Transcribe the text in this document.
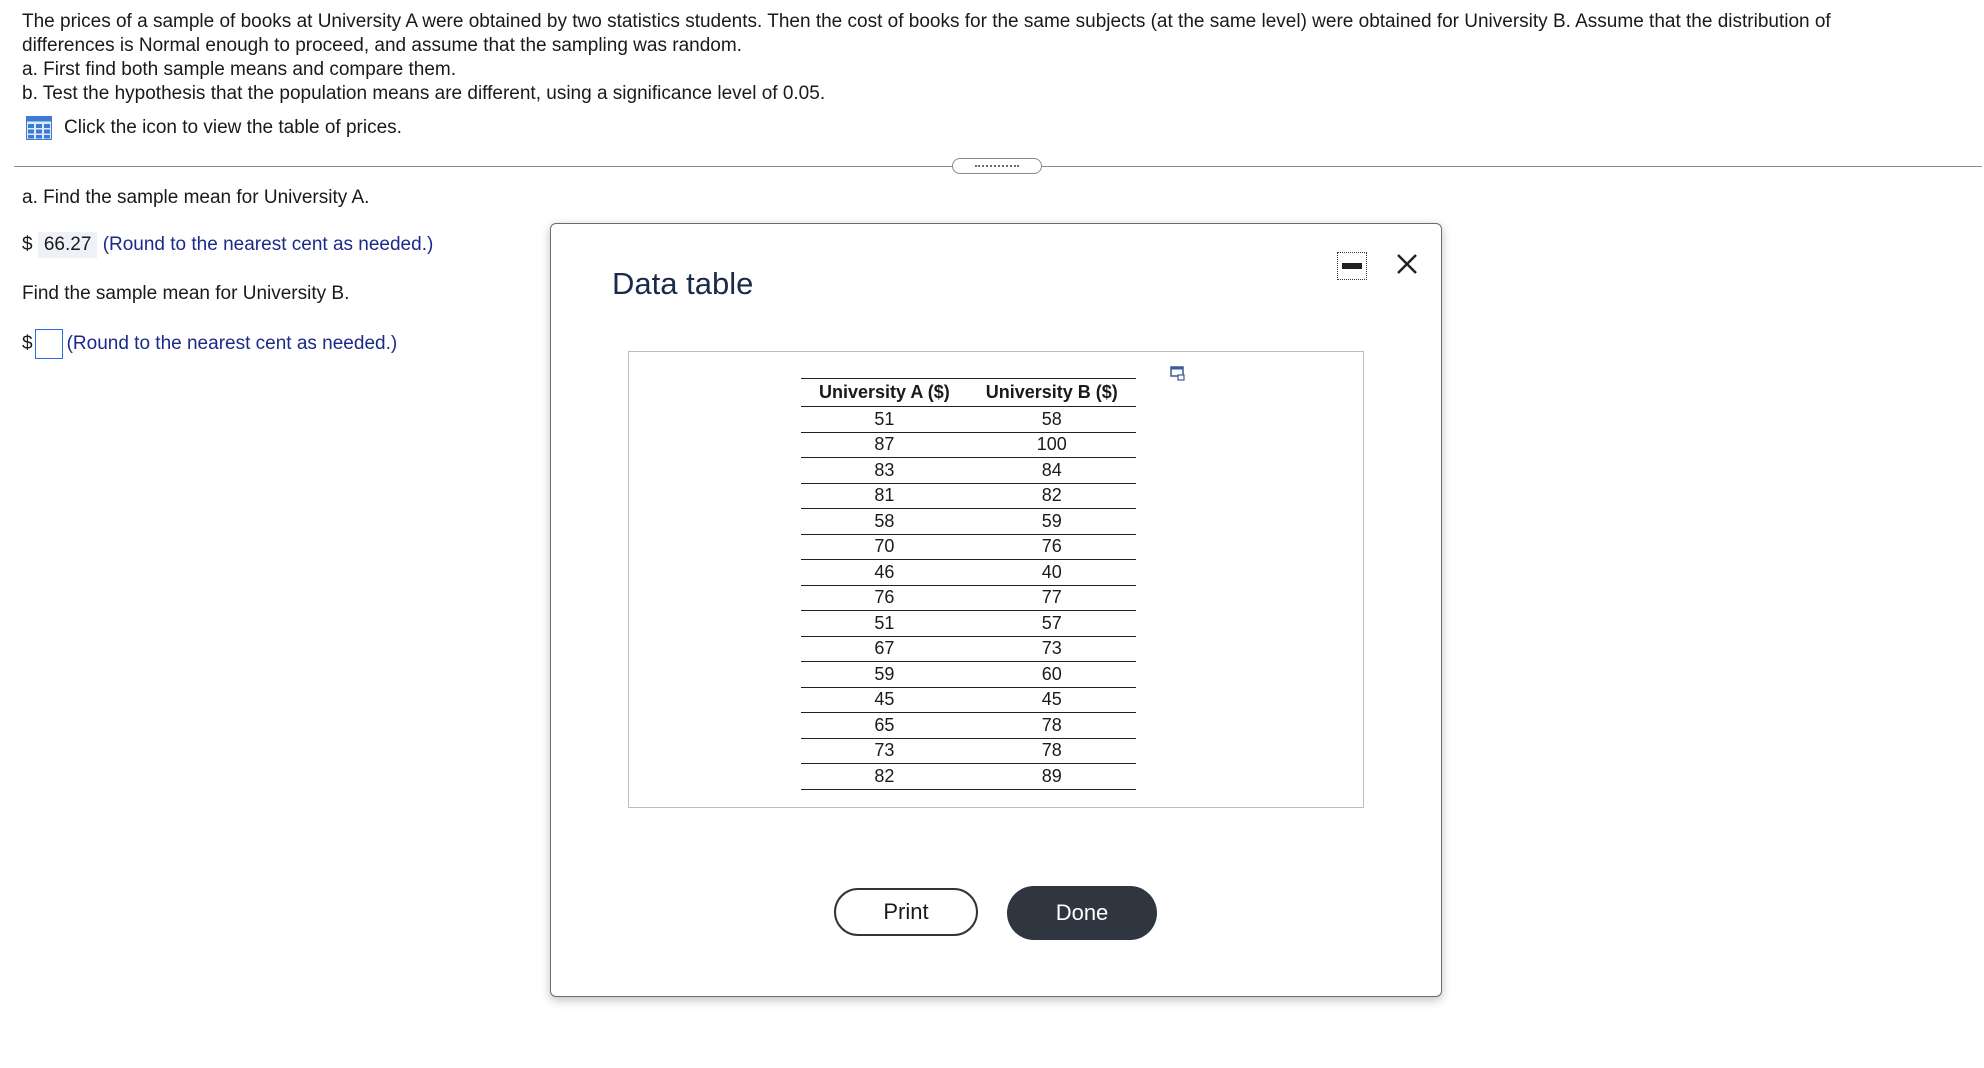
The prices of a sample of books at University A were obtained by two statistics students. Then the cost of books for the same subjects (at the same level) were obtained for University B. Assume that the distribution of

differences is Normal enough to proceed, and assume that the sampling was random.

a. First find both sample means and compare them.

b. Test the hypothesis that the population means are different, using a significance level of 0.05.

Click the icon to view the table of prices.
a. Find the sample mean for University A.
$ 66.27 (Round to the nearest cent as needed.)
Find the sample mean for University B.
$ (Round to the nearest cent as needed.)
Data table
University A ($)	University B ($)
51	58
87	100
83	84
81	82
58	59
70	76
46	40
76	77
51	57
67	73
59	60
45	45
65	78
73	78
82	89
Print	Done
